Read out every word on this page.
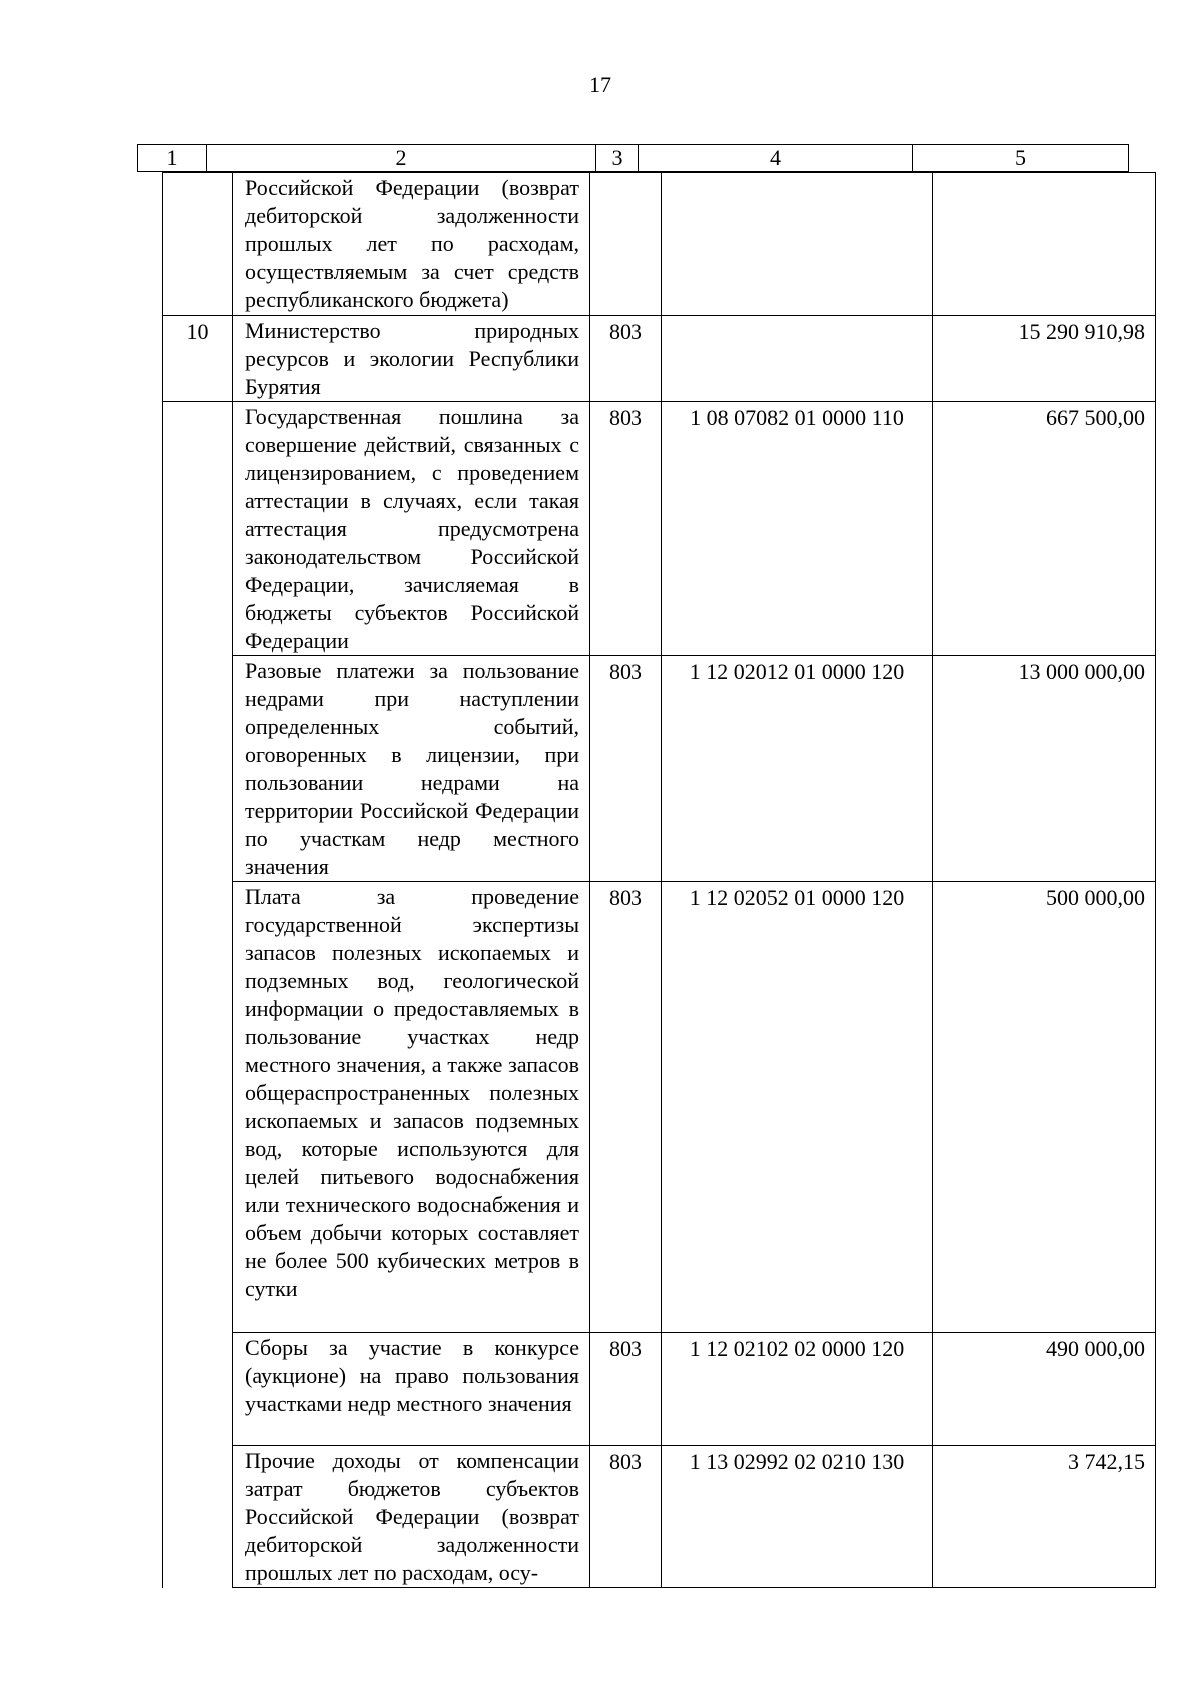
17
1	2	3	4	5
	Российской Федерации (возврат дебиторской задолженности прошлых лет по расходам, осуществляемым за счет средств республиканского бюджета)			
10	Министерство природных ресурсов и экологии Республики Бурятия	803		15 290 910,98
	Государственная пошлина за совершение действий, связанных с лицензированием, с проведением аттестации в случаях, если такая аттестация предусмотрена законодательством Российской Федерации, зачисляемая в бюджеты субъектов Российской Федерации	803	1 08 07082 01 0000 110	667 500,00
	Разовые платежи за пользование недрами при наступлении определенных событий, оговоренных в лицензии, при пользовании недрами на территории Российской Федерации по участкам недр местного значения	803	1 12 02012 01 0000 120	13 000 000,00
	Плата за проведение государственной экспертизы запасов полезных ископаемых и подземных вод, геологической информации о предоставляемых в пользование участках недр местного значения, а также запасов общераспространенных полезных ископаемых и запасов подземных вод, которые используются для целей питьевого водоснабжения или технического водоснабжения и объем добычи которых составляет не более 500 кубических метров в сутки	803	1 12 02052 01 0000 120	500 000,00
	Сборы за участие в конкурсе (аукционе) на право пользования участками недр местного значения	803	1 12 02102 02 0000 120	490 000,00
	Прочие доходы от компенсации затрат бюджетов субъектов Российской Федерации (возврат дебиторской задолженности прошлых лет по расходам, осу-	803	1 13 02992 02 0210 130	3 742,15
